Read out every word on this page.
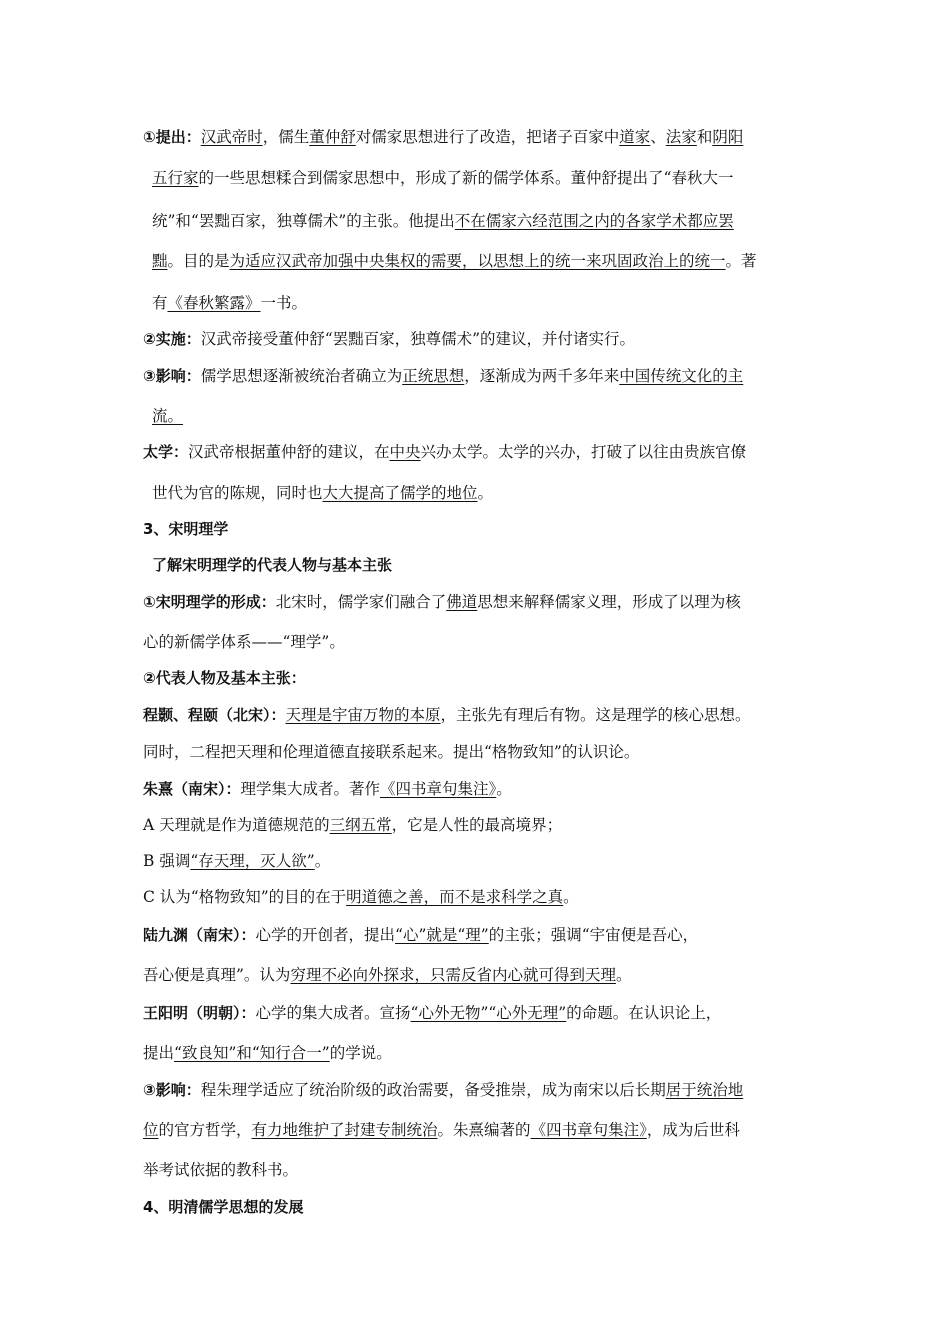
①提出：汉武帝时，儒生董仲舒对儒家思想进行了改造，把诸子百家中道家、法家和阴阳
五行家的一些思想糅合到儒家思想中，形成了新的儒学体系。董仲舒提出了“春秋大一
统”和“罢黜百家，独尊儒术”的主张。他提出不在儒家六经范围之内的各家学术都应罢
黜。目的是为适应汉武帝加强中央集权的需要，以思想上的统一来巩固政治上的统一。著
有《春秋繁露》一书。
②实施：汉武帝接受董仲舒“罢黜百家，独尊儒术”的建议，并付诸实行。
③影响：儒学思想逐渐被统治者确立为正统思想，逐渐成为两千多年来中国传统文化的主
流。
太学：汉武帝根据董仲舒的建议，在中央兴办太学。太学的兴办，打破了以往由贵族官僚
世代为官的陈规，同时也大大提高了儒学的地位。
3、宋明理学
了解宋明理学的代表人物与基本主张
①宋明理学的形成：北宋时，儒学家们融合了佛道思想来解释儒家义理，形成了以理为核
心的新儒学体系——“理学”。
②代表人物及基本主张：
程颢、程颐（北宋）：天理是宇宙万物的本原，主张先有理后有物。这是理学的核心思想。
同时，二程把天理和伦理道德直接联系起来。提出“格物致知”的认识论。
朱熹（南宋）：理学集大成者。著作《四书章句集注》。
A 天理就是作为道德规范的三纲五常，它是人性的最高境界；
B 强调“存天理，灭人欲”。
C 认为“格物致知”的目的在于明道德之善，而不是求科学之真。
陆九渊（南宋）：心学的开创者，提出“心”就是“理”的主张；强调“宇宙便是吾心，
吾心便是真理”。认为穷理不必向外探求，只需反省内心就可得到天理。
王阳明（明朝）：心学的集大成者。宣扬“心外无物”“心外无理”的命题。在认识论上，
提出“致良知”和“知行合一”的学说。
③影响：程朱理学适应了统治阶级的政治需要，备受推崇，成为南宋以后长期居于统治地
位的官方哲学，有力地维护了封建专制统治。朱熹编著的《四书章句集注》，成为后世科
举考试依据的教科书。
4、明清儒学思想的发展
